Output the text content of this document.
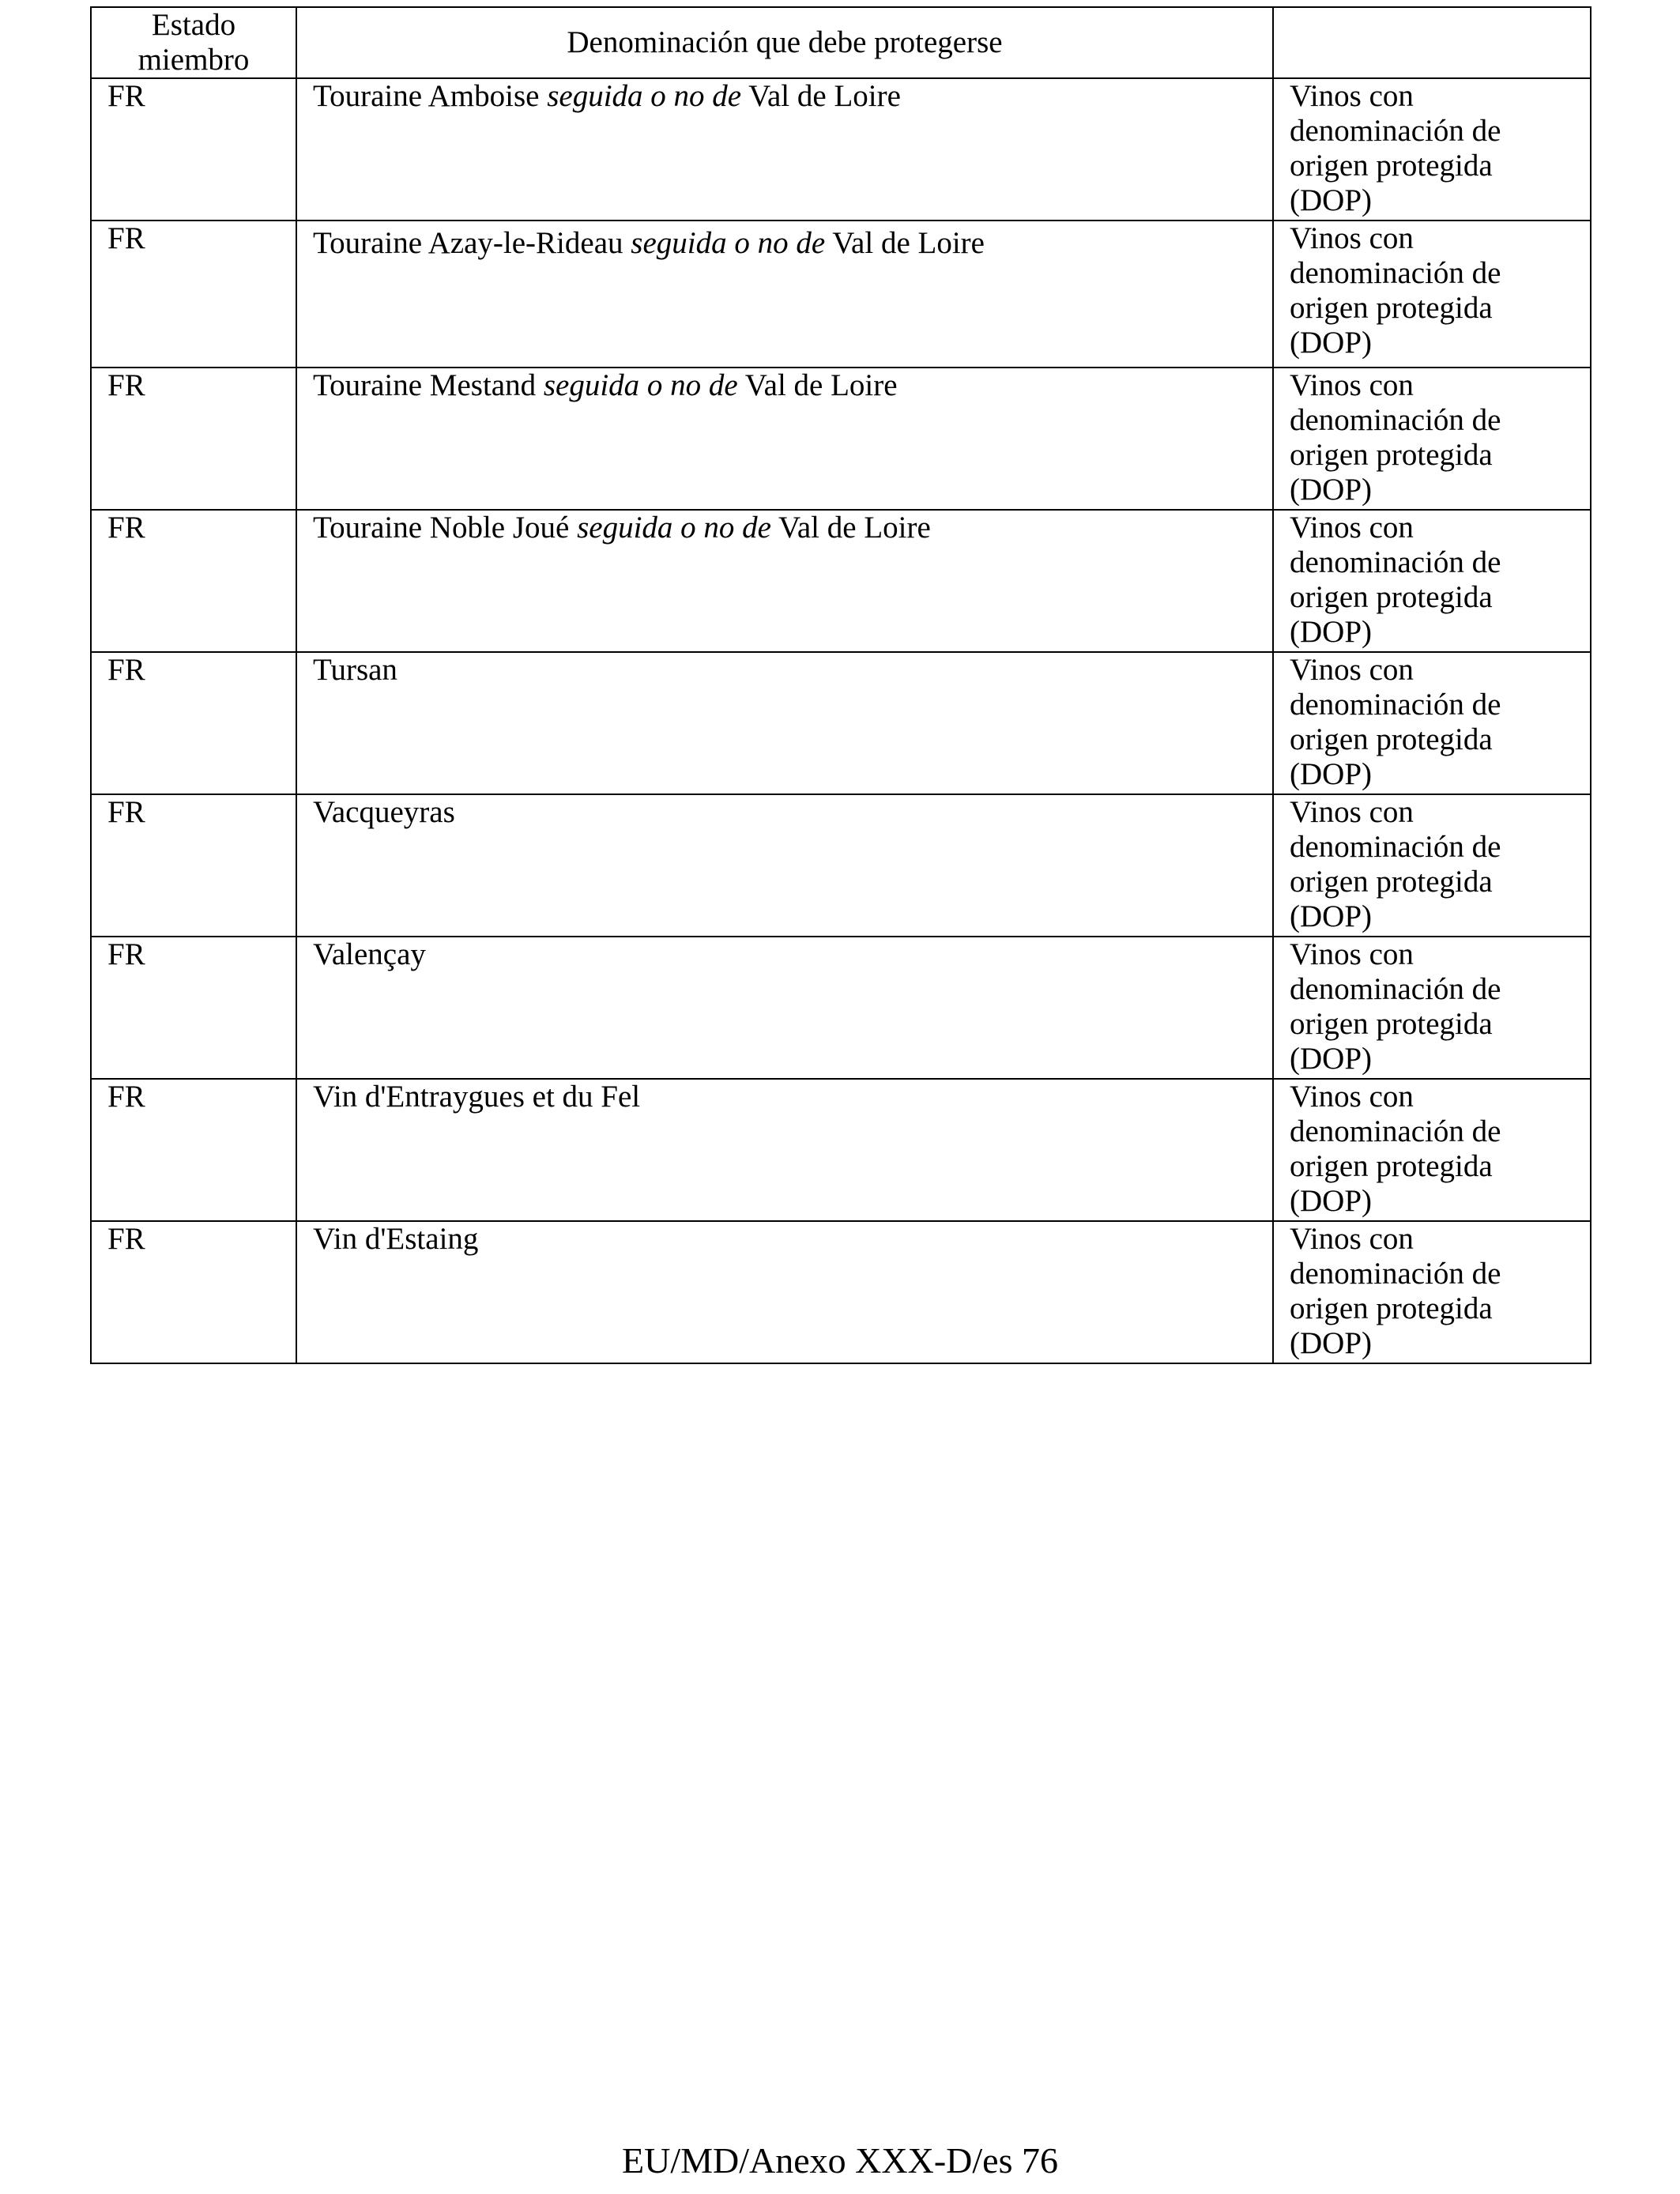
Estado miembro	Denominación que debe protegerse	
FR	Touraine Amboise seguida o no de Val de Loire	Vinos con denominación de origen protegida (DOP)
FR	Touraine Azay-le-Rideau seguida o no de Val de Loire	Vinos con denominación de origen protegida (DOP)
FR	Touraine Mestand seguida o no de Val de Loire	Vinos con denominación de origen protegida (DOP)
FR	Touraine Noble Joué seguida o no de Val de Loire	Vinos con denominación de origen protegida (DOP)
FR	Tursan	Vinos con denominación de origen protegida (DOP)
FR	Vacqueyras	Vinos con denominación de origen protegida (DOP)
FR	Valençay	Vinos con denominación de origen protegida (DOP)
FR	Vin d'Entraygues et du Fel	Vinos con denominación de origen protegida (DOP)
FR	Vin d'Estaing	Vinos con denominación de origen protegida (DOP)
EU/MD/Anexo XXX-D/es 76
